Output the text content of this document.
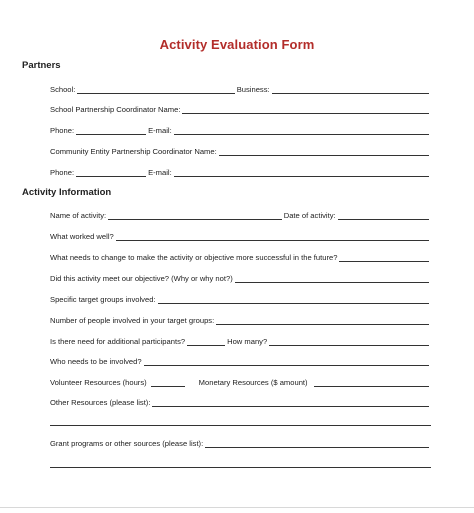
Activity Evaluation Form
Partners
School:	Business:
School Partnership Coordinator Name:
Phone:	E-mail:
Community Entity Partnership Coordinator Name:
Phone:	E-mail:
Activity Information
Name of activity:	Date of activity:
What worked well?
What needs to change to make the activity or objective more successful in the future?
Did this activity meet our objective? (Why or why not?)
Specific target groups involved:
Number of people involved in your target groups:
Is there need for additional participants?	How many?
Who needs to be involved?
Volunteer Resources (hours)	Monetary Resources ($ amount)
Other Resources (please list):
Grant programs or other sources (please list):
